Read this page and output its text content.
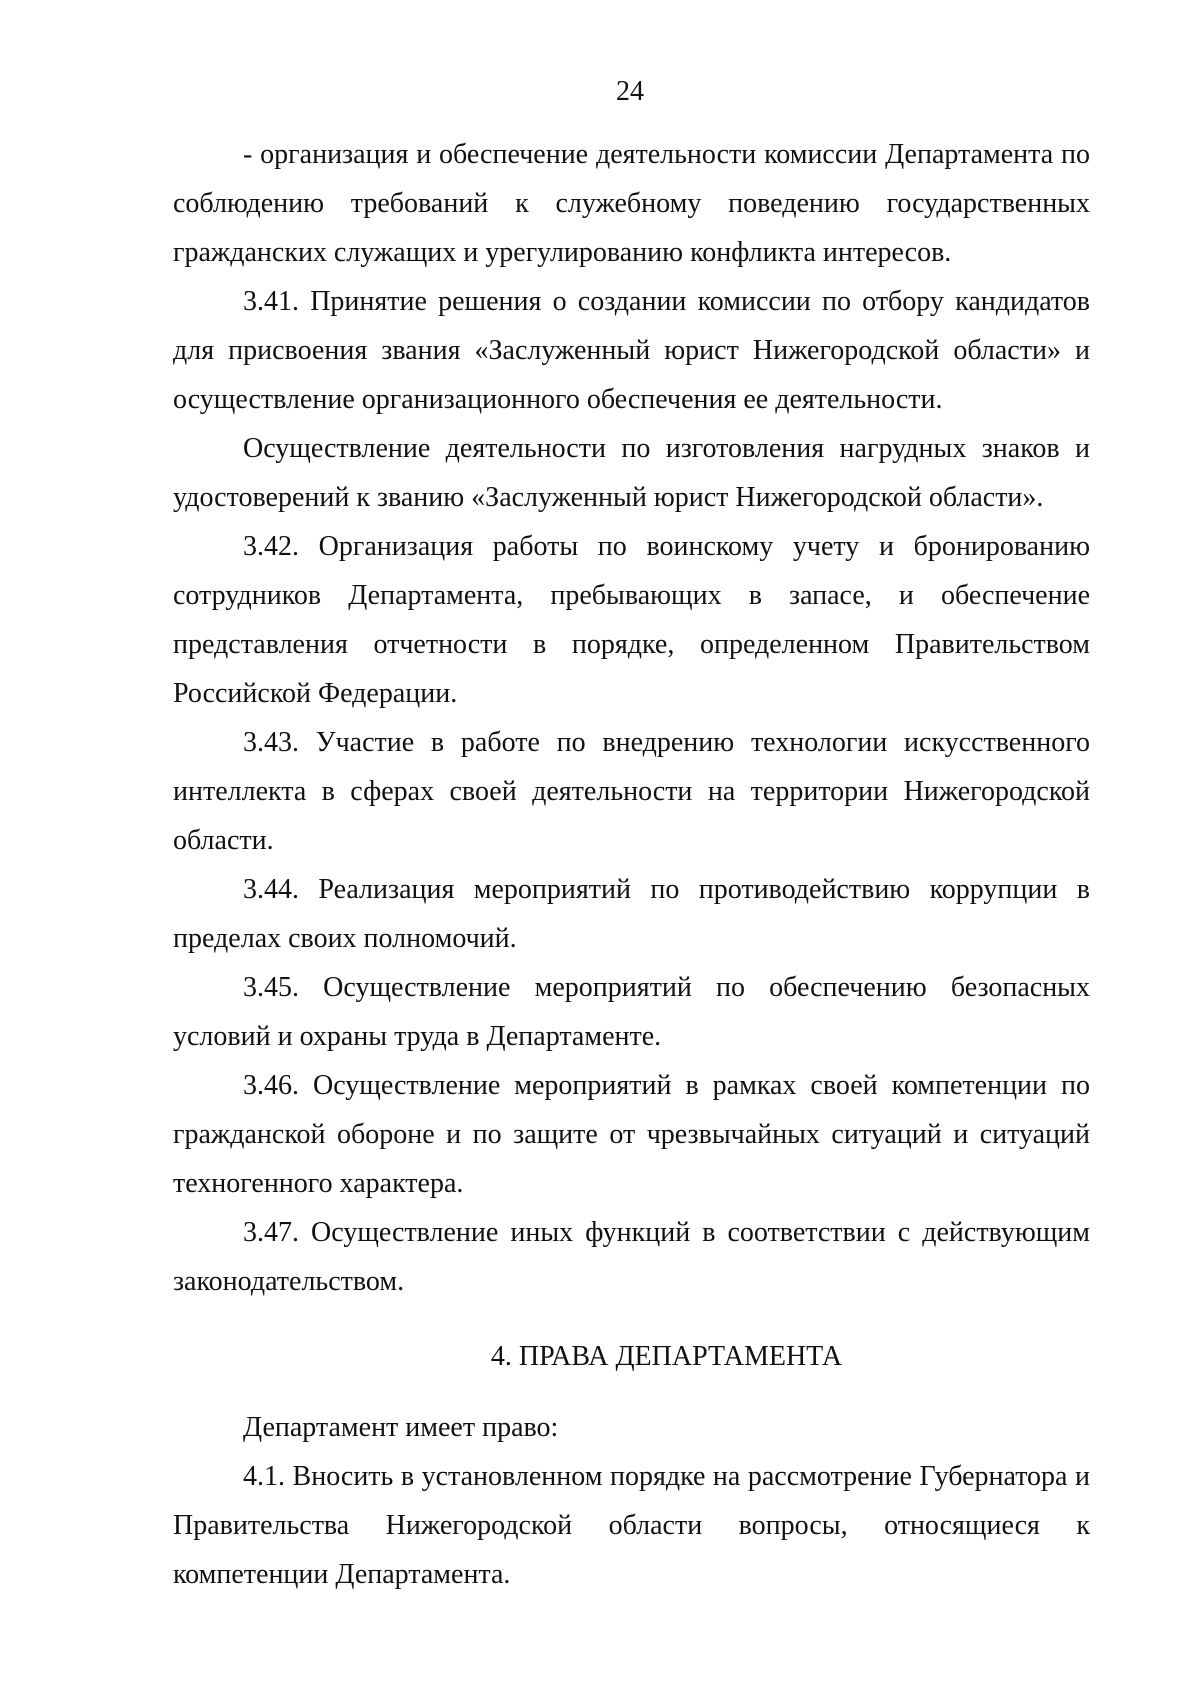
24

- организация и обеспечение деятельности комиссии Департамента по соблюдению требований к служебному поведению государственных гражданских служащих и урегулированию конфликта интересов.

3.41. Принятие решения о создании комиссии по отбору кандидатов для присвоения звания «Заслуженный юрист Нижегородской области» и осуществление организационного обеспечения ее деятельности.

Осуществление деятельности по изготовления нагрудных знаков и удостоверений к званию «Заслуженный юрист Нижегородской области».

3.42. Организация работы по воинскому учету и бронированию сотрудников Департамента, пребывающих в запасе, и обеспечение представления отчетности в порядке, определенном Правительством Российской Федерации.

3.43. Участие в работе по внедрению технологии искусственного интеллекта в сферах своей деятельности на территории Нижегородской области.

3.44. Реализация мероприятий по противодействию коррупции в пределах своих полномочий.

3.45. Осуществление мероприятий по обеспечению безопасных условий и охраны труда в Департаменте.

3.46. Осуществление мероприятий в рамках своей компетенции по гражданской обороне и по защите от чрезвычайных ситуаций и ситуаций техногенного характера.

3.47. Осуществление иных функций в соответствии с действующим законодательством.

4. ПРАВА ДЕПАРТАМЕНТА

Департамент имеет право:

4.1. Вносить в установленном порядке на рассмотрение Губернатора и Правительства Нижегородской области вопросы, относящиеся к компетенции Департамента.
